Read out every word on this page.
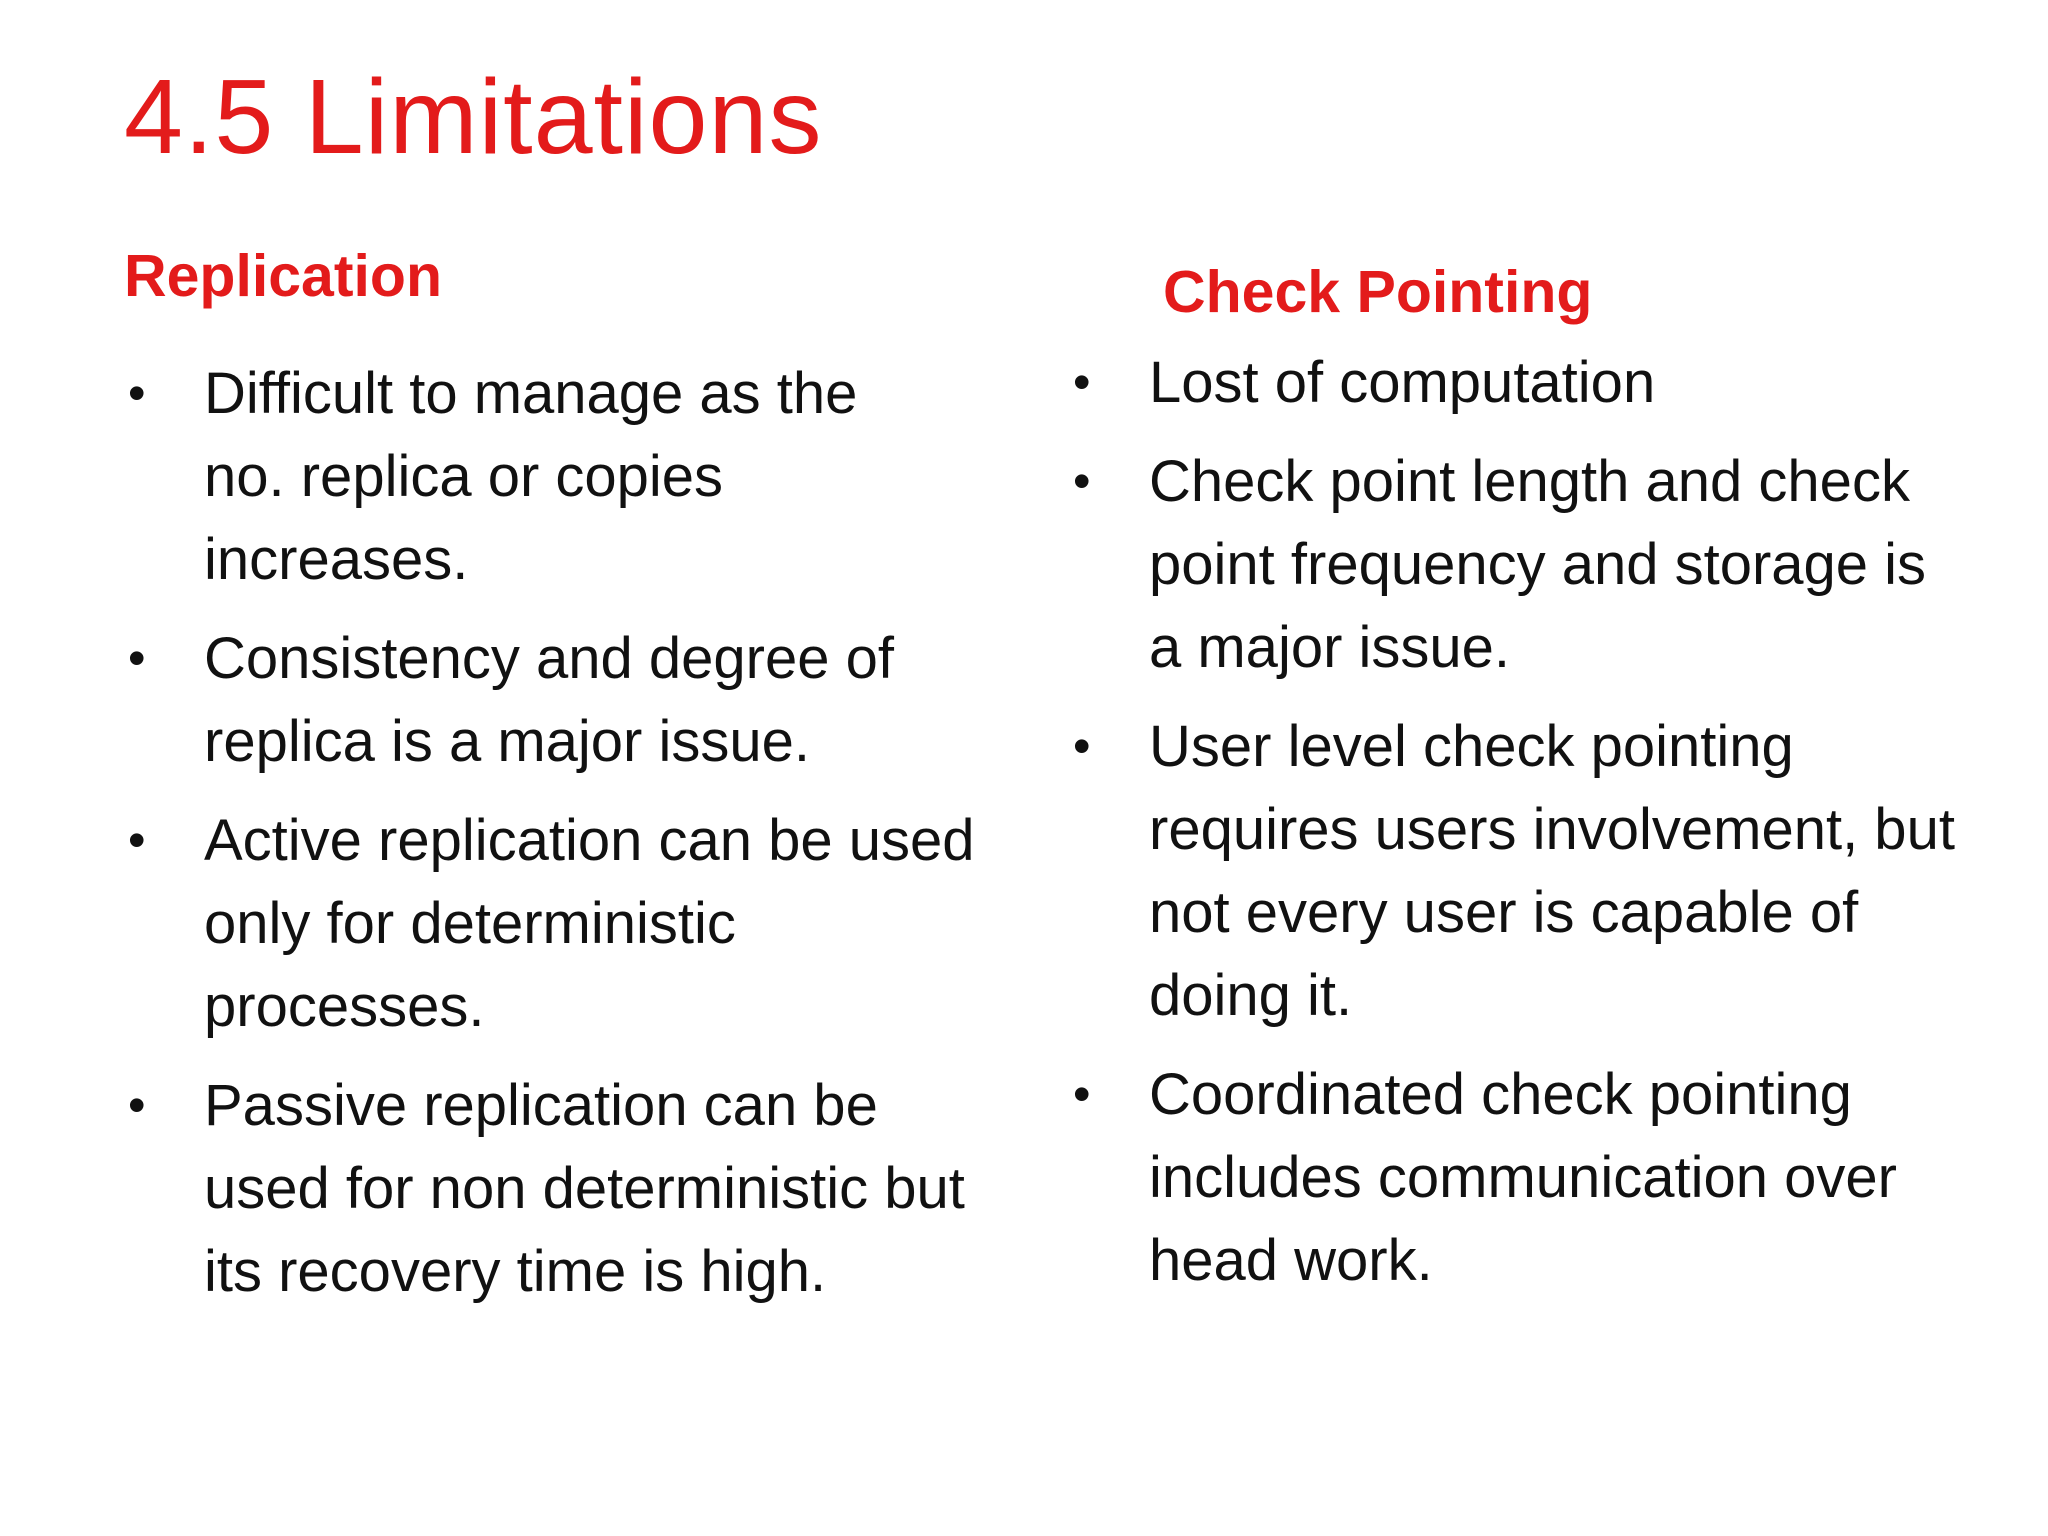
4.5 Limitations
Replication
• Difficult to manage as the no. replica or copies increases.
• Consistency and degree of replica is a major issue.
• Active replication can be used only for deterministic processes.
• Passive replication can be used for non deterministic but its recovery time is high.
Check Pointing
• Lost of computation
• Check point length and check point frequency and storage is a major issue.
• User level check pointing requires users involvement, but not every user is capable of doing it.
• Coordinated check pointing includes communication over head work.
